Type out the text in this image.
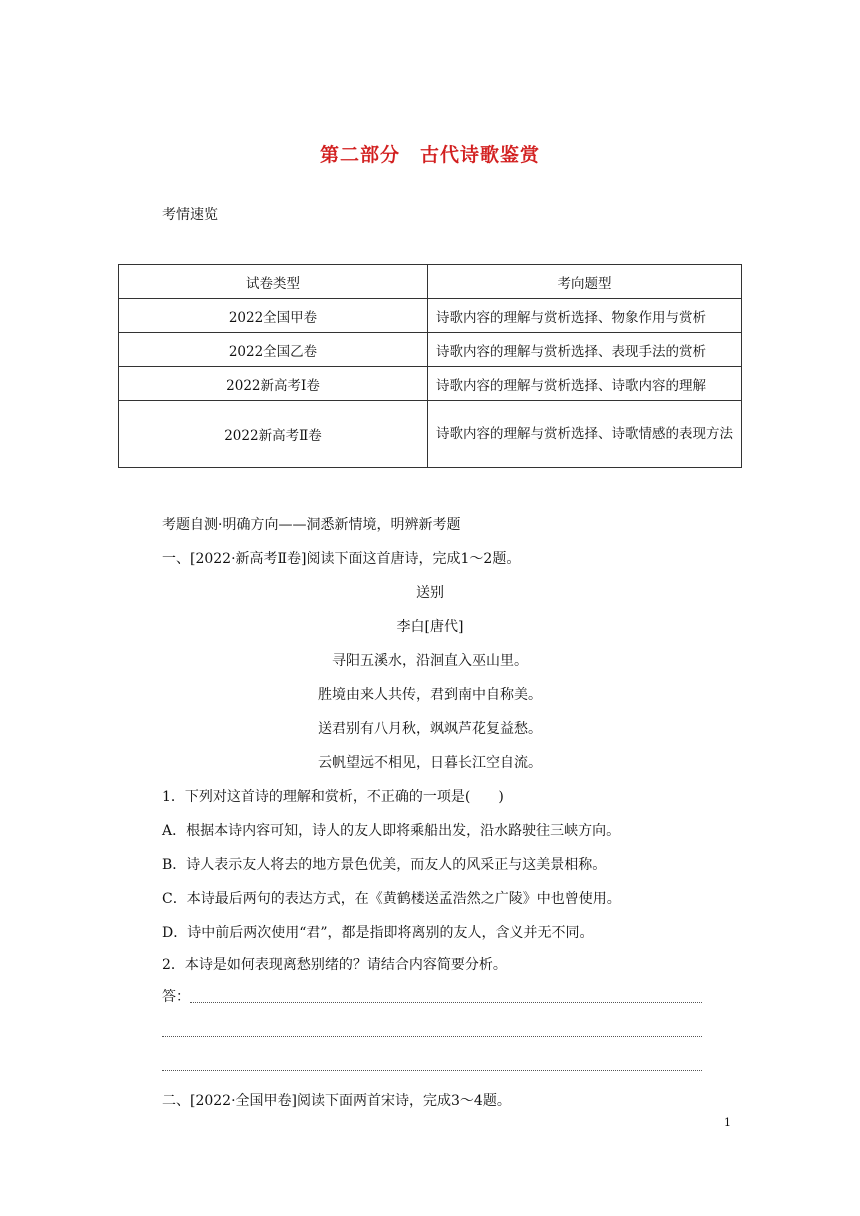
第二部分　古代诗歌鉴赏
考情速览
试卷类型	考向题型
2022全国甲卷	诗歌内容的理解与赏析选择、物象作用与赏析
2022全国乙卷	诗歌内容的理解与赏析选择、表现手法的赏析
2022新高考Ⅰ卷	诗歌内容的理解与赏析选择、诗歌内容的理解
2022新高考Ⅱ卷	诗歌内容的理解与赏析选择、诗歌情感的表现方法
考题自测·明确方向——洞悉新情境，明辨新考题
一、[2022·新高考Ⅱ卷]阅读下面这首唐诗，完成1～2题。
送别
李白[唐代]
寻阳五溪水，沿洄直入巫山里。
胜境由来人共传，君到南中自称美。
送君别有八月秋，飒飒芦花复益愁。
云帆望远不相见，日暮长江空自流。
1．下列对这首诗的理解和赏析，不正确的一项是(　　)
A．根据本诗内容可知，诗人的友人即将乘船出发，沿水路驶往三峡方向。
B．诗人表示友人将去的地方景色优美，而友人的风采正与这美景相称。
C．本诗最后两句的表达方式，在《黄鹤楼送孟浩然之广陵》中也曾使用。
D．诗中前后两次使用“君”，都是指即将离别的友人，含义并无不同。
2．本诗是如何表现离愁别绪的？请结合内容简要分析。
答：
二、[2022·全国甲卷]阅读下面两首宋诗，完成3～4题。
1
